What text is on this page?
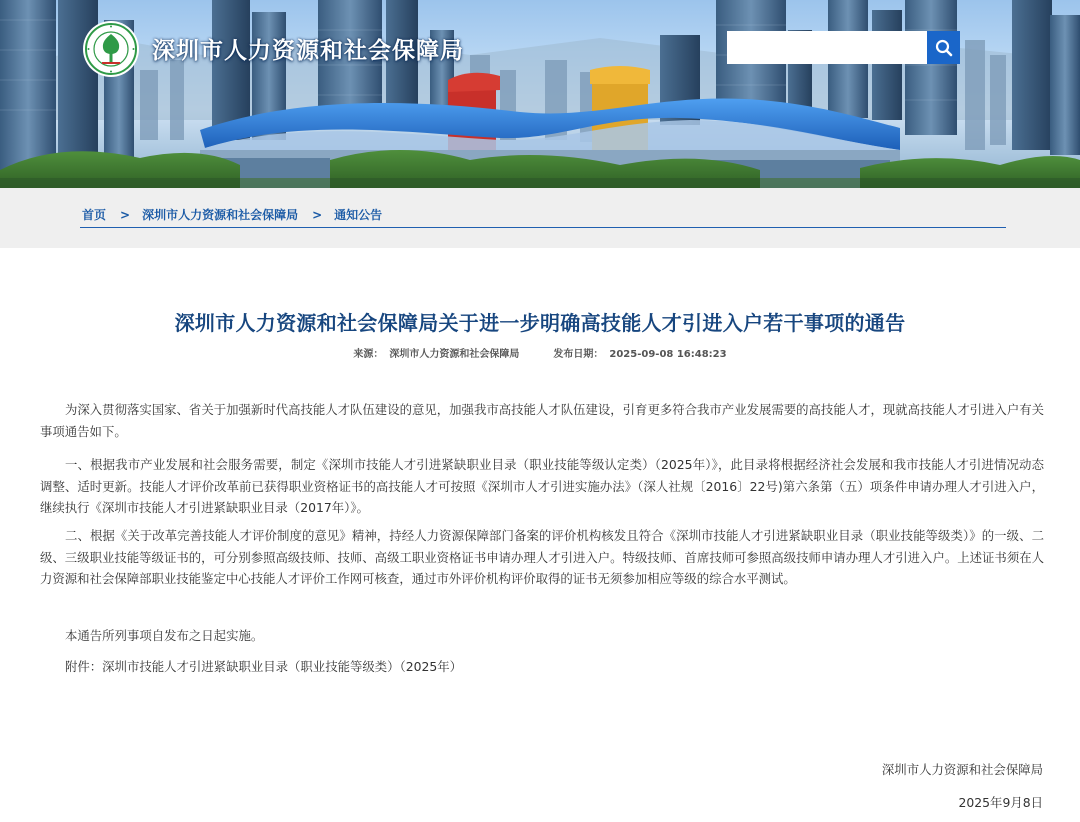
深圳市人力资源和社会保障局
首页 > 深圳市人力资源和社会保障局 > 通知公告
深圳市人力资源和社会保障局关于进一步明确高技能人才引进入户若干事项的通告
来源： 深圳市人力资源和社会保障局	发布日期： 2025-09-08 16:48:23

为深入贯彻落实国家、省关于加强新时代高技能人才队伍建设的意见，加强我市高技能人才队伍建设，引育更多符合我市产业发展需要的高技能人才，现就高技能人才引进入户有关事项通告如下。

一、根据我市产业发展和社会服务需要，制定《深圳市技能人才引进紧缺职业目录（职业技能等级认定类）（2025年）》，此目录将根据经济社会发展和我市技能人才引进情况动态调整、适时更新。技能人才评价改革前已获得职业资格证书的高技能人才可按照《深圳市人才引进实施办法》（深人社规〔2016〕22号)第六条第（五）项条件申请办理人才引进入户，继续执行《深圳市技能人才引进紧缺职业目录（2017年）》。

二、根据《关于改革完善技能人才评价制度的意见》精神，持经人力资源保障部门备案的评价机构核发且符合《深圳市技能人才引进紧缺职业目录（职业技能等级类）》的一级、二级、三级职业技能等级证书的，可分别参照高级技师、技师、高级工职业资格证书申请办理人才引进入户。特级技师、首席技师可参照高级技师申请办理人才引进入户。上述证书须在人力资源和社会保障部职业技能鉴定中心技能人才评价工作网可核查，通过市外评价机构评价取得的证书无须参加相应等级的综合水平测试。

本通告所列事项自发布之日起实施。

附件：深圳市技能人才引进紧缺职业目录（职业技能等级类）（2025年）

深圳市人力资源和社会保障局
2025年9月8日
